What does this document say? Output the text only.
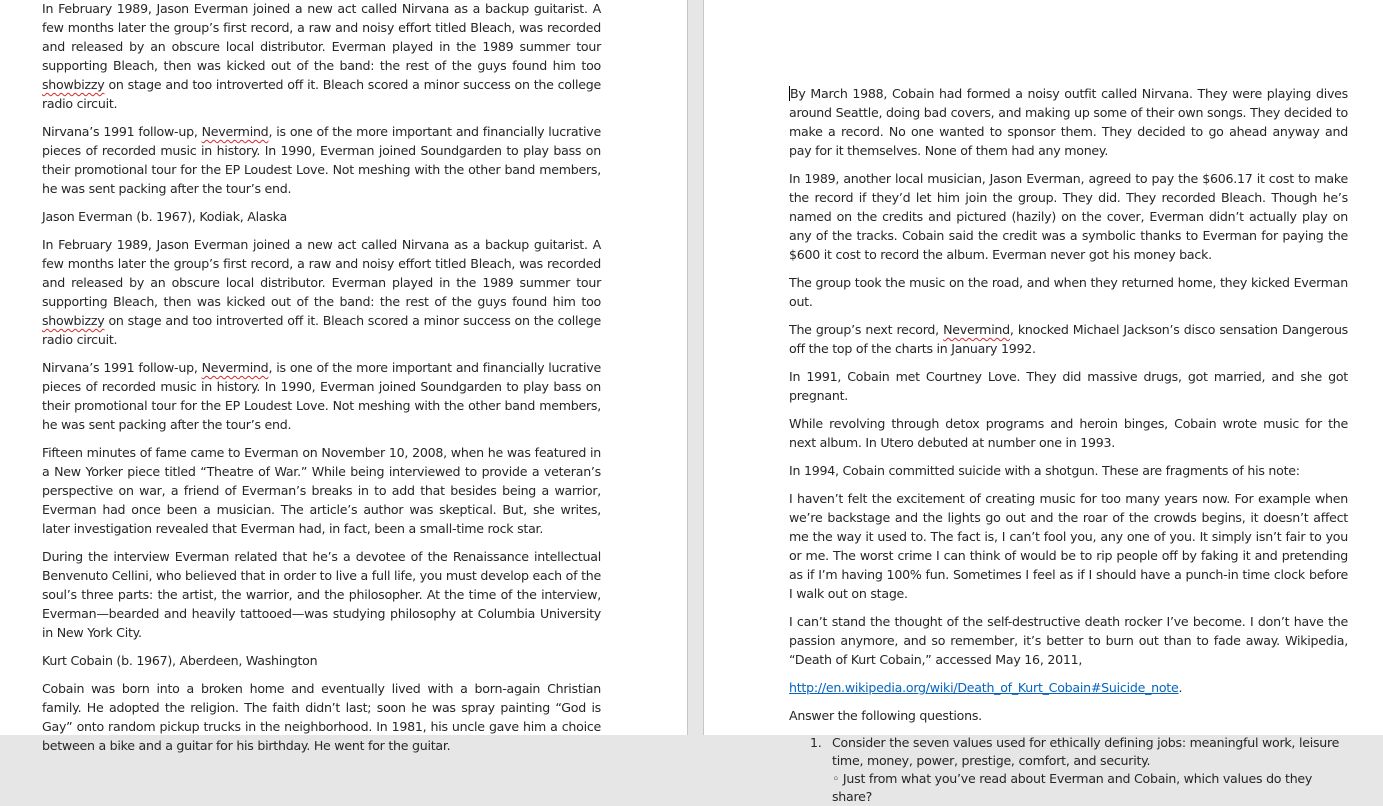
In February 1989, Jason Everman joined a new act called Nirvana as a backup guitarist. A few months later the group’s first record, a raw and noisy effort titled Bleach, was recorded and released by an obscure local distributor. Everman played in the 1989 summer tour supporting Bleach, then was kicked out of the band: the rest of the guys found him too showbizzy on stage and too introverted off it. Bleach scored a minor success on the college radio circuit.

Nirvana’s 1991 follow-up, Nevermind, is one of the more important and financially lucrative pieces of recorded music in history. In 1990, Everman joined Soundgarden to play bass on their promotional tour for the EP Loudest Love. Not meshing with the other band members, he was sent packing after the tour’s end.

Jason Everman (b. 1967), Kodiak, Alaska

In February 1989, Jason Everman joined a new act called Nirvana as a backup guitarist. A few months later the group’s first record, a raw and noisy effort titled Bleach, was recorded and released by an obscure local distributor. Everman played in the 1989 summer tour supporting Bleach, then was kicked out of the band: the rest of the guys found him too showbizzy on stage and too introverted off it. Bleach scored a minor success on the college radio circuit.

Nirvana’s 1991 follow-up, Nevermind, is one of the more important and financially lucrative pieces of recorded music in history. In 1990, Everman joined Soundgarden to play bass on their promotional tour for the EP Loudest Love. Not meshing with the other band members, he was sent packing after the tour’s end.

Fifteen minutes of fame came to Everman on November 10, 2008, when he was featured in a New Yorker piece titled “Theatre of War.” While being interviewed to provide a veteran’s perspective on war, a friend of Everman’s breaks in to add that besides being a warrior, Everman had once been a musician. The article’s author was skeptical. But, she writes, later investigation revealed that Everman had, in fact, been a small-time rock star.

During the interview Everman related that he’s a devotee of the Renaissance intellectual Benvenuto Cellini, who believed that in order to live a full life, you must develop each of the soul’s three parts: the artist, the warrior, and the philosopher. At the time of the interview, Everman—bearded and heavily tattooed—was studying philosophy at Columbia University in New York City.

Kurt Cobain (b. 1967), Aberdeen, Washington

Cobain was born into a broken home and eventually lived with a born-again Christian family. He adopted the religion. The faith didn’t last; soon he was spray painting “God is Gay” onto random pickup trucks in the neighborhood. In 1981, his uncle gave him a choice between a bike and a guitar for his birthday. He went for the guitar.

By March 1988, Cobain had formed a noisy outfit called Nirvana. They were playing dives around Seattle, doing bad covers, and making up some of their own songs. They decided to make a record. No one wanted to sponsor them. They decided to go ahead anyway and pay for it themselves. None of them had any money.

In 1989, another local musician, Jason Everman, agreed to pay the $606.17 it cost to make the record if they’d let him join the group. They did. They recorded Bleach. Though he’s named on the credits and pictured (hazily) on the cover, Everman didn’t actually play on any of the tracks. Cobain said the credit was a symbolic thanks to Everman for paying the $600 it cost to record the album. Everman never got his money back.

The group took the music on the road, and when they returned home, they kicked Everman out.

The group’s next record, Nevermind, knocked Michael Jackson’s disco sensation Dangerous off the top of the charts in January 1992.

In 1991, Cobain met Courtney Love. They did massive drugs, got married, and she got pregnant.

While revolving through detox programs and heroin binges, Cobain wrote music for the next album. In Utero debuted at number one in 1993.

In 1994, Cobain committed suicide with a shotgun. These are fragments of his note:

I haven’t felt the excitement of creating music for too many years now. For example when we’re backstage and the lights go out and the roar of the crowds begins, it doesn’t affect me the way it used to. The fact is, I can’t fool you, any one of you. It simply isn’t fair to you or me. The worst crime I can think of would be to rip people off by faking it and pretending as if I’m having 100% fun. Sometimes I feel as if I should have a punch-in time clock before I walk out on stage.

I can’t stand the thought of the self-destructive death rocker I’ve become. I don’t have the passion anymore, and so remember, it’s better to burn out than to fade away. Wikipedia, “Death of Kurt Cobain,” accessed May 16, 2011,

http://en.wikipedia.org/wiki/Death_of_Kurt_Cobain#Suicide_note.

Answer the following questions.

1. Consider the seven values used for ethically defining jobs: meaningful work, leisure time, money, power, prestige, comfort, and security.
◦ Just from what you’ve read about Everman and Cobain, which values do they share?
